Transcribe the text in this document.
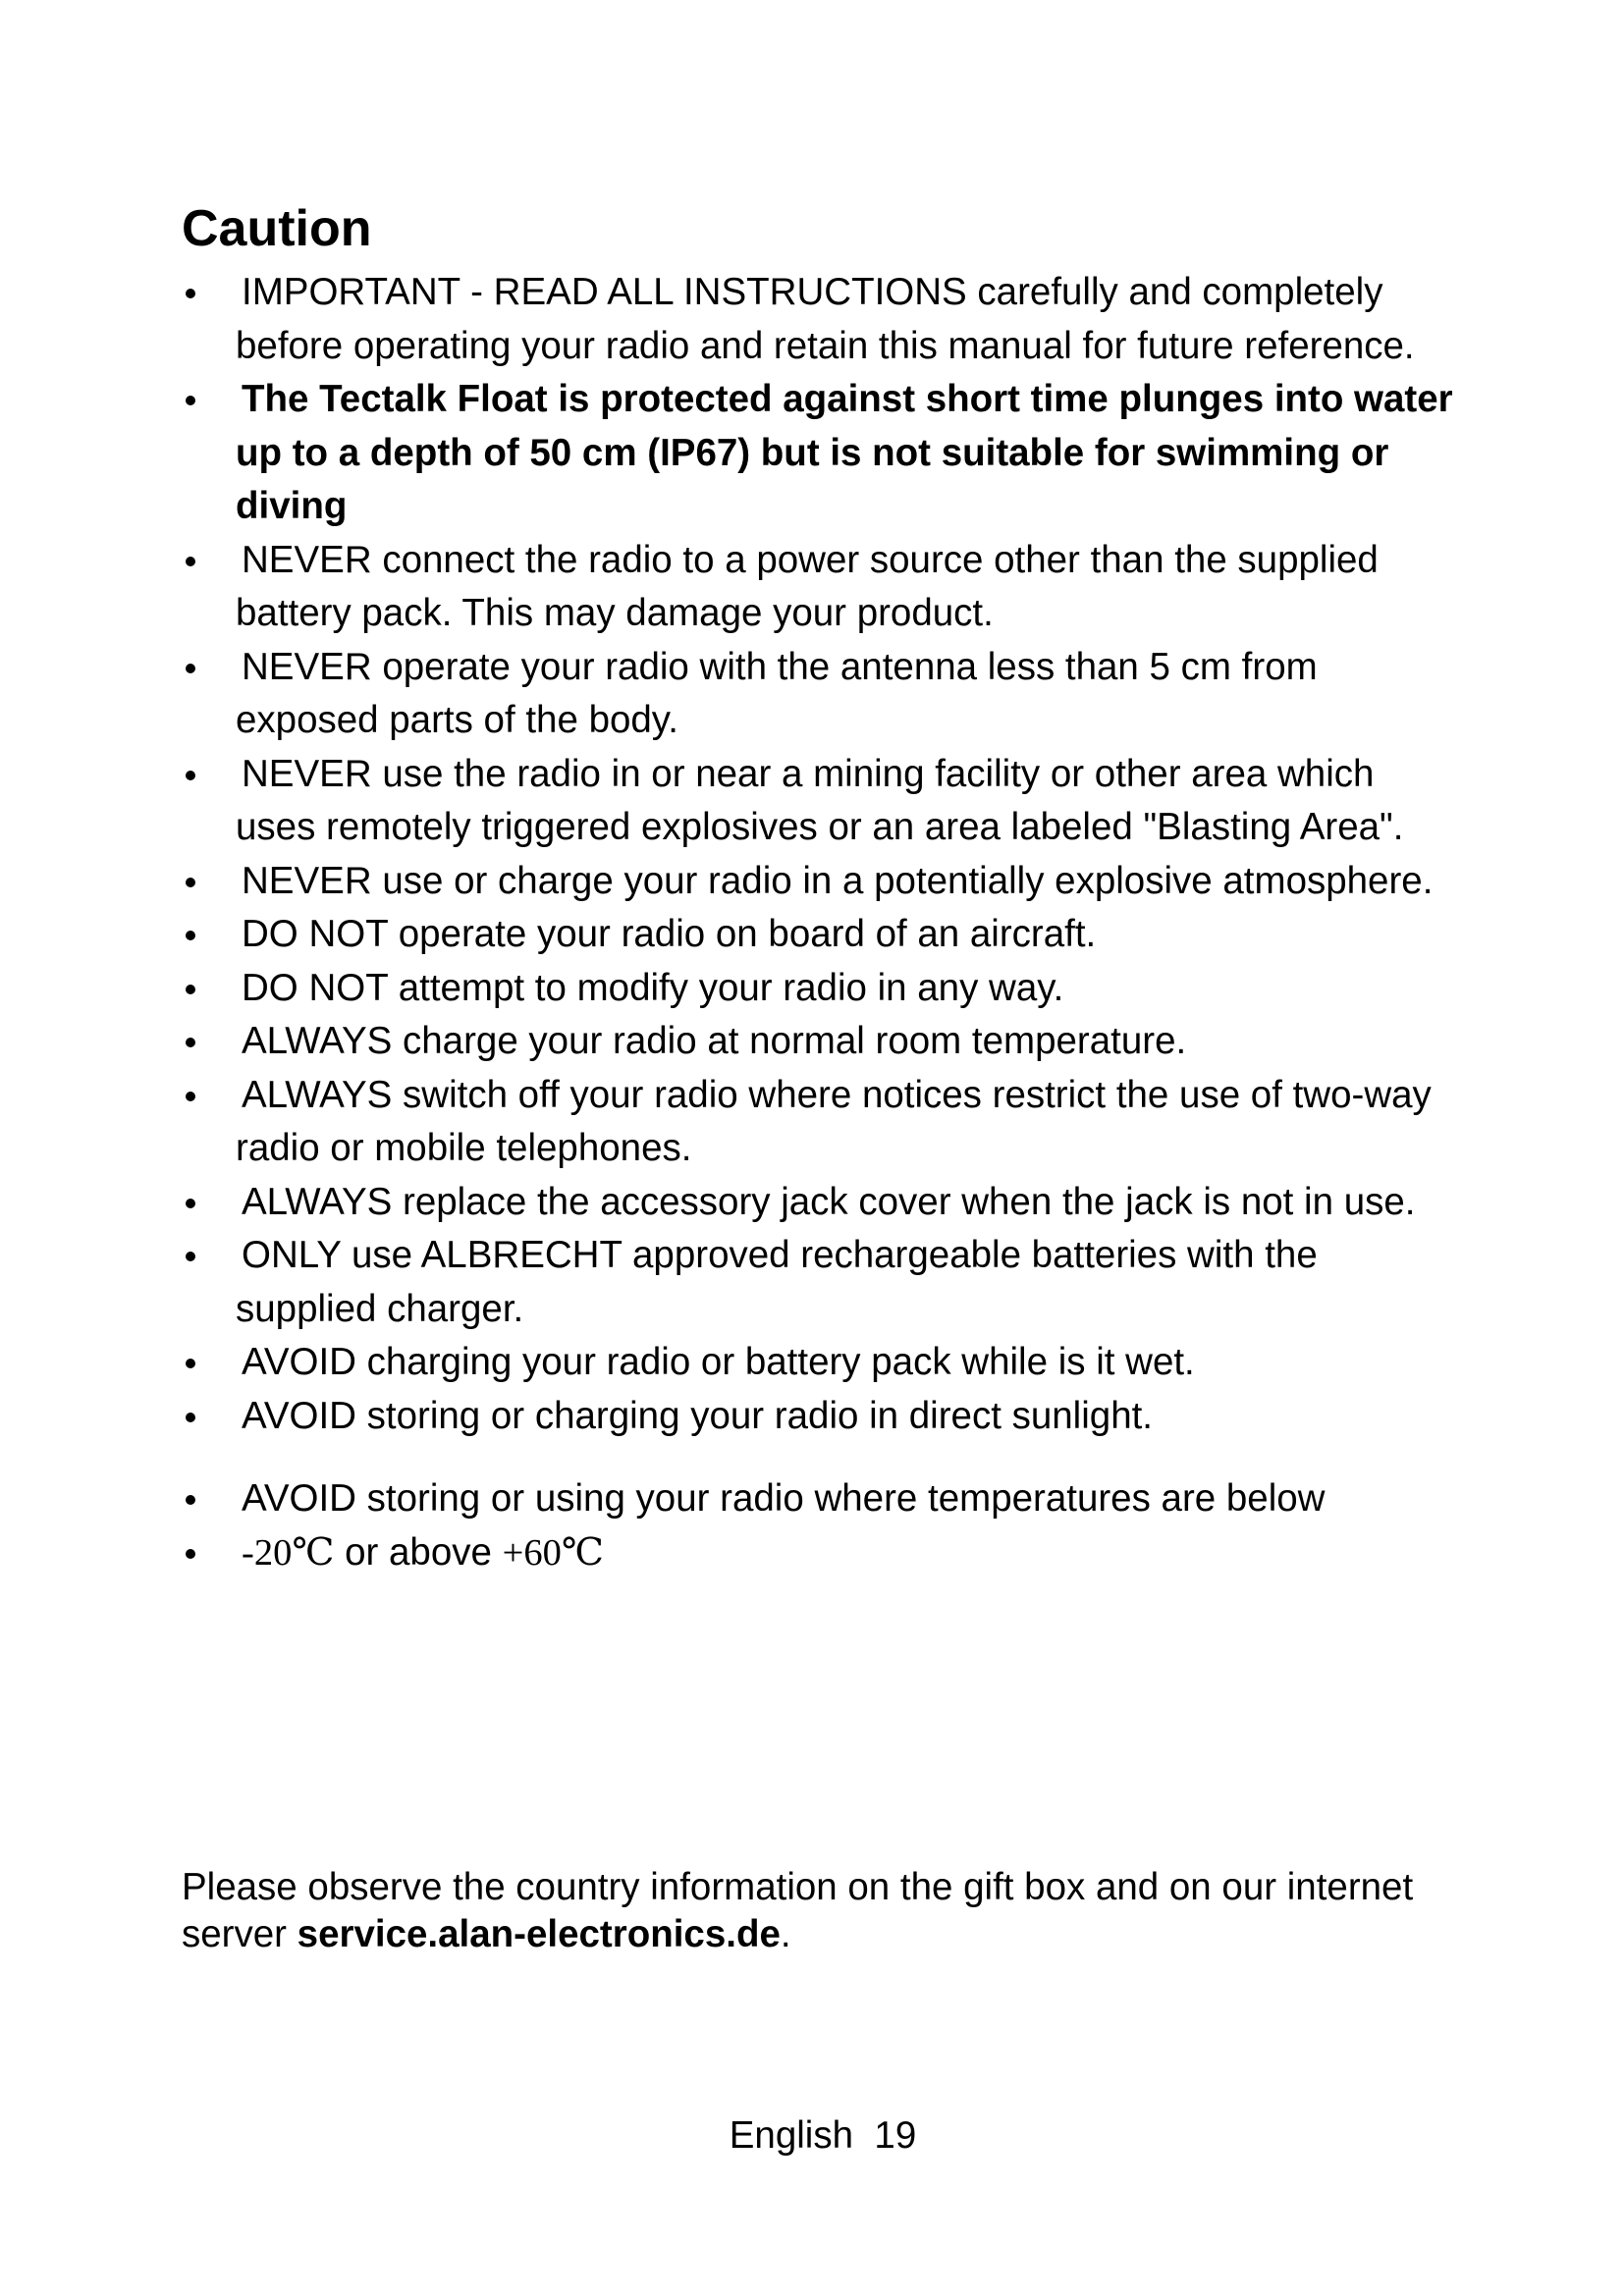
Caution
IMPORTANT - READ ALL INSTRUCTIONS carefully and completely before operating your radio and retain this manual for future reference.
The Tectalk Float is protected against short time plunges into water up to a depth of 50 cm (IP67) but is not suitable for swimming or diving
NEVER connect the radio to a power source other than the supplied battery pack. This may damage your product.
NEVER operate your radio with the antenna less than 5 cm from exposed parts of the body.
NEVER use the radio in or near a mining facility or other area which uses remotely triggered explosives or an area labeled "Blasting Area".
NEVER use or charge your radio in a potentially explosive atmosphere.
DO NOT operate your radio on board of an aircraft.
DO NOT attempt to modify your radio in any way.
ALWAYS charge your radio at normal room temperature.
ALWAYS switch off your radio where notices restrict the use of two-way radio or mobile telephones.
ALWAYS replace the accessory jack cover when the jack is not in use.
ONLY use ALBRECHT approved rechargeable batteries with the supplied charger.
AVOID charging your radio or battery pack while is it wet.
AVOID storing or charging your radio in direct sunlight.
AVOID storing or using your radio where temperatures are below
-20℃ or above +60℃

Please observe the country information on the gift box and on our internet server service.alan-electronics.de.

English 19
